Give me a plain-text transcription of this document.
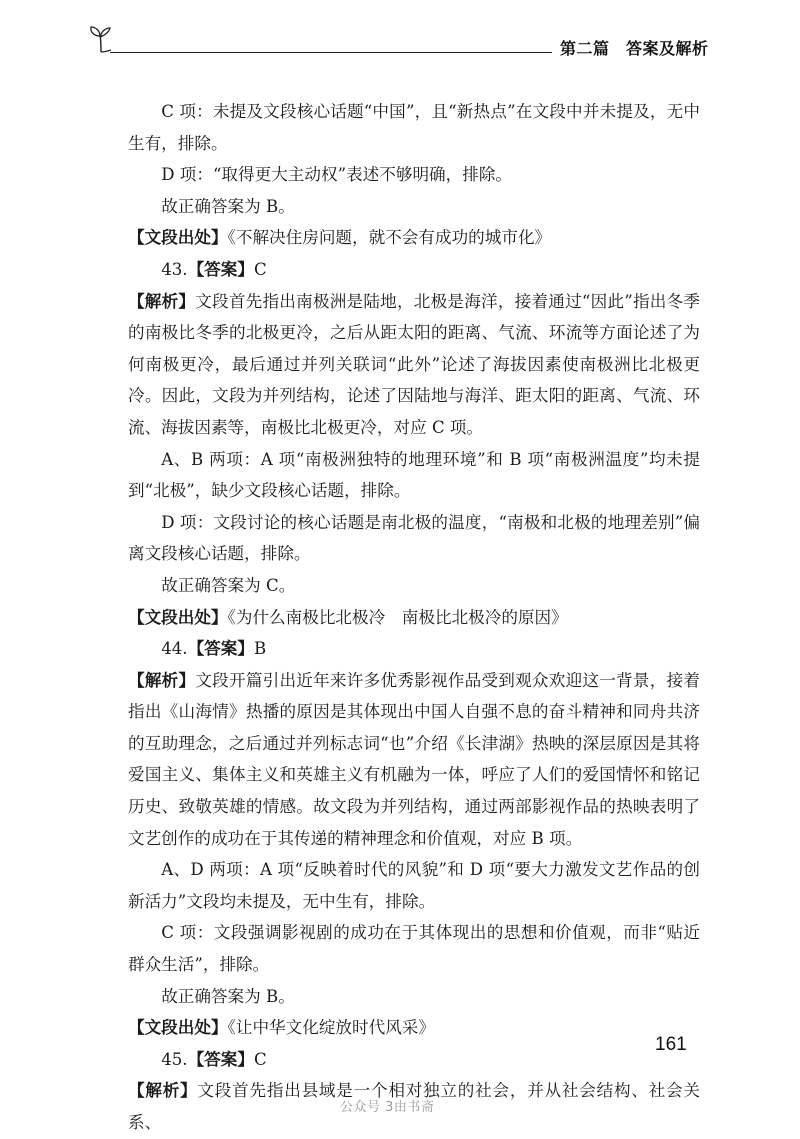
第二篇　答案及解析

C 项：未提及文段核心话题“中国”，且“新热点”在文段中并未提及，无中生有，排除。

D 项：“取得更大主动权”表述不够明确，排除。

故正确答案为 B。

【文段出处】《不解决住房问题，就不会有成功的城市化》

43.【答案】C

【解析】文段首先指出南极洲是陆地，北极是海洋，接着通过“因此”指出冬季的南极比冬季的北极更冷，之后从距太阳的距离、气流、环流等方面论述了为何南极更冷，最后通过并列关联词“此外”论述了海拔因素使南极洲比北极更冷。因此，文段为并列结构，论述了因陆地与海洋、距太阳的距离、气流、环流、海拔因素等，南极比北极更冷，对应 C 项。

A、B 两项：A 项“南极洲独特的地理环境”和 B 项“南极洲温度”均未提到“北极”，缺少文段核心话题，排除。

D 项：文段讨论的核心话题是南北极的温度，“南极和北极的地理差别”偏离文段核心话题，排除。

故正确答案为 C。

【文段出处】《为什么南极比北极冷　南极比北极冷的原因》

44.【答案】B

【解析】文段开篇引出近年来许多优秀影视作品受到观众欢迎这一背景，接着指出《山海情》热播的原因是其体现出中国人自强不息的奋斗精神和同舟共济的互助理念，之后通过并列标志词“也”介绍《长津湖》热映的深层原因是其将爱国主义、集体主义和英雄主义有机融为一体，呼应了人们的爱国情怀和铭记历史、致敬英雄的情感。故文段为并列结构，通过两部影视作品的热映表明了文艺创作的成功在于其传递的精神理念和价值观，对应 B 项。

A、D 两项：A 项“反映着时代的风貌”和 D 项“要大力激发文艺作品的创新活力”文段均未提及，无中生有，排除。

C 项：文段强调影视剧的成功在于其体现出的思想和价值观，而非“贴近群众生活”，排除。

故正确答案为 B。

【文段出处】《让中华文化绽放时代风采》

45.【答案】C

【解析】文段首先指出县域是一个相对独立的社会，并从社会结构、社会关系、

161
公众号 3由书斋
